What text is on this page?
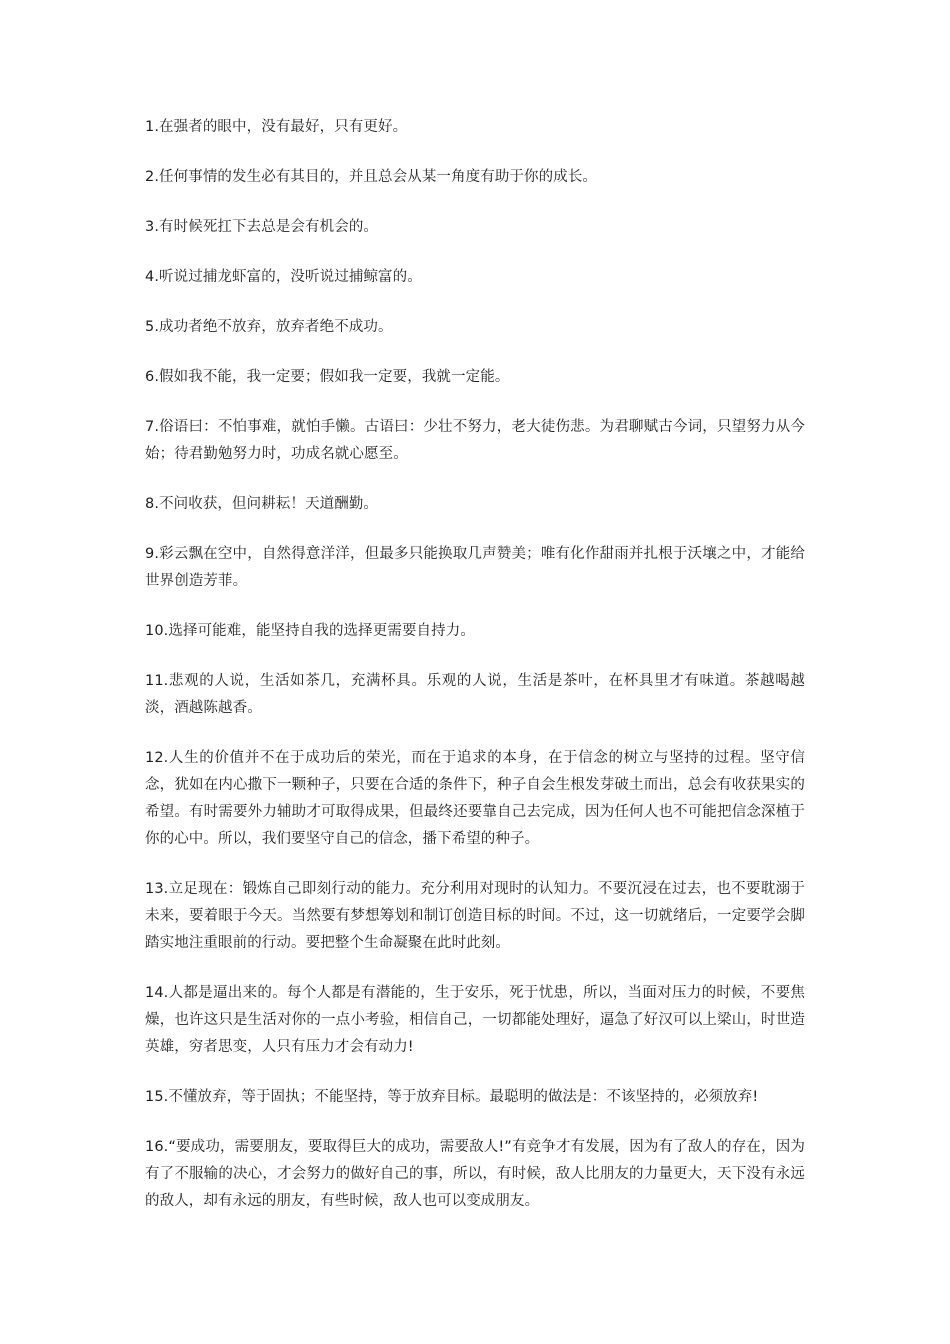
1.在强者的眼中，没有最好，只有更好。

2.任何事情的发生必有其目的，并且总会从某一角度有助于你的成长。

3.有时候死扛下去总是会有机会的。

4.听说过捕龙虾富的，没听说过捕鲸富的。

5.成功者绝不放弃，放弃者绝不成功。

6.假如我不能，我一定要；假如我一定要，我就一定能。

7.俗语曰：不怕事难，就怕手懒。古语曰：少壮不努力，老大徒伤悲。为君聊赋古今词，只望努力从今始；待君勤勉努力时，功成名就心愿至。

8.不问收获，但问耕耘！天道酬勤。

9.彩云飘在空中，自然得意洋洋，但最多只能换取几声赞美；唯有化作甜雨并扎根于沃壤之中，才能给世界创造芳菲。

10.选择可能难，能坚持自我的选择更需要自持力。

11.悲观的人说，生活如茶几，充满杯具。乐观的人说，生活是茶叶，在杯具里才有味道。茶越喝越淡，酒越陈越香。

12.人生的价值并不在于成功后的荣光，而在于追求的本身，在于信念的树立与坚持的过程。坚守信念，犹如在内心撒下一颗种子，只要在合适的条件下，种子自会生根发芽破土而出，总会有收获果实的希望。有时需要外力辅助才可取得成果，但最终还要靠自己去完成，因为任何人也不可能把信念深植于你的心中。所以，我们要坚守自己的信念，播下希望的种子。

13.立足现在：锻炼自己即刻行动的能力。充分利用对现时的认知力。不要沉浸在过去，也不要耽溺于未来，要着眼于今天。当然要有梦想筹划和制订创造目标的时间。不过，这一切就绪后，一定要学会脚踏实地注重眼前的行动。要把整个生命凝聚在此时此刻。

14.人都是逼出来的。每个人都是有潜能的，生于安乐，死于忧患，所以，当面对压力的时候，不要焦燥，也许这只是生活对你的一点小考验，相信自己，一切都能处理好，逼急了好汉可以上梁山，时世造英雄，穷者思变，人只有压力才会有动力!

15.不懂放弃，等于固执；不能坚持，等于放弃目标。最聪明的做法是：不该坚持的，必须放弃!

16.“要成功，需要朋友，要取得巨大的成功，需要敌人!”有竞争才有发展，因为有了敌人的存在，因为有了不服输的决心，才会努力的做好自己的事，所以，有时候，敌人比朋友的力量更大，天下没有永远的敌人，却有永远的朋友，有些时候，敌人也可以变成朋友。
